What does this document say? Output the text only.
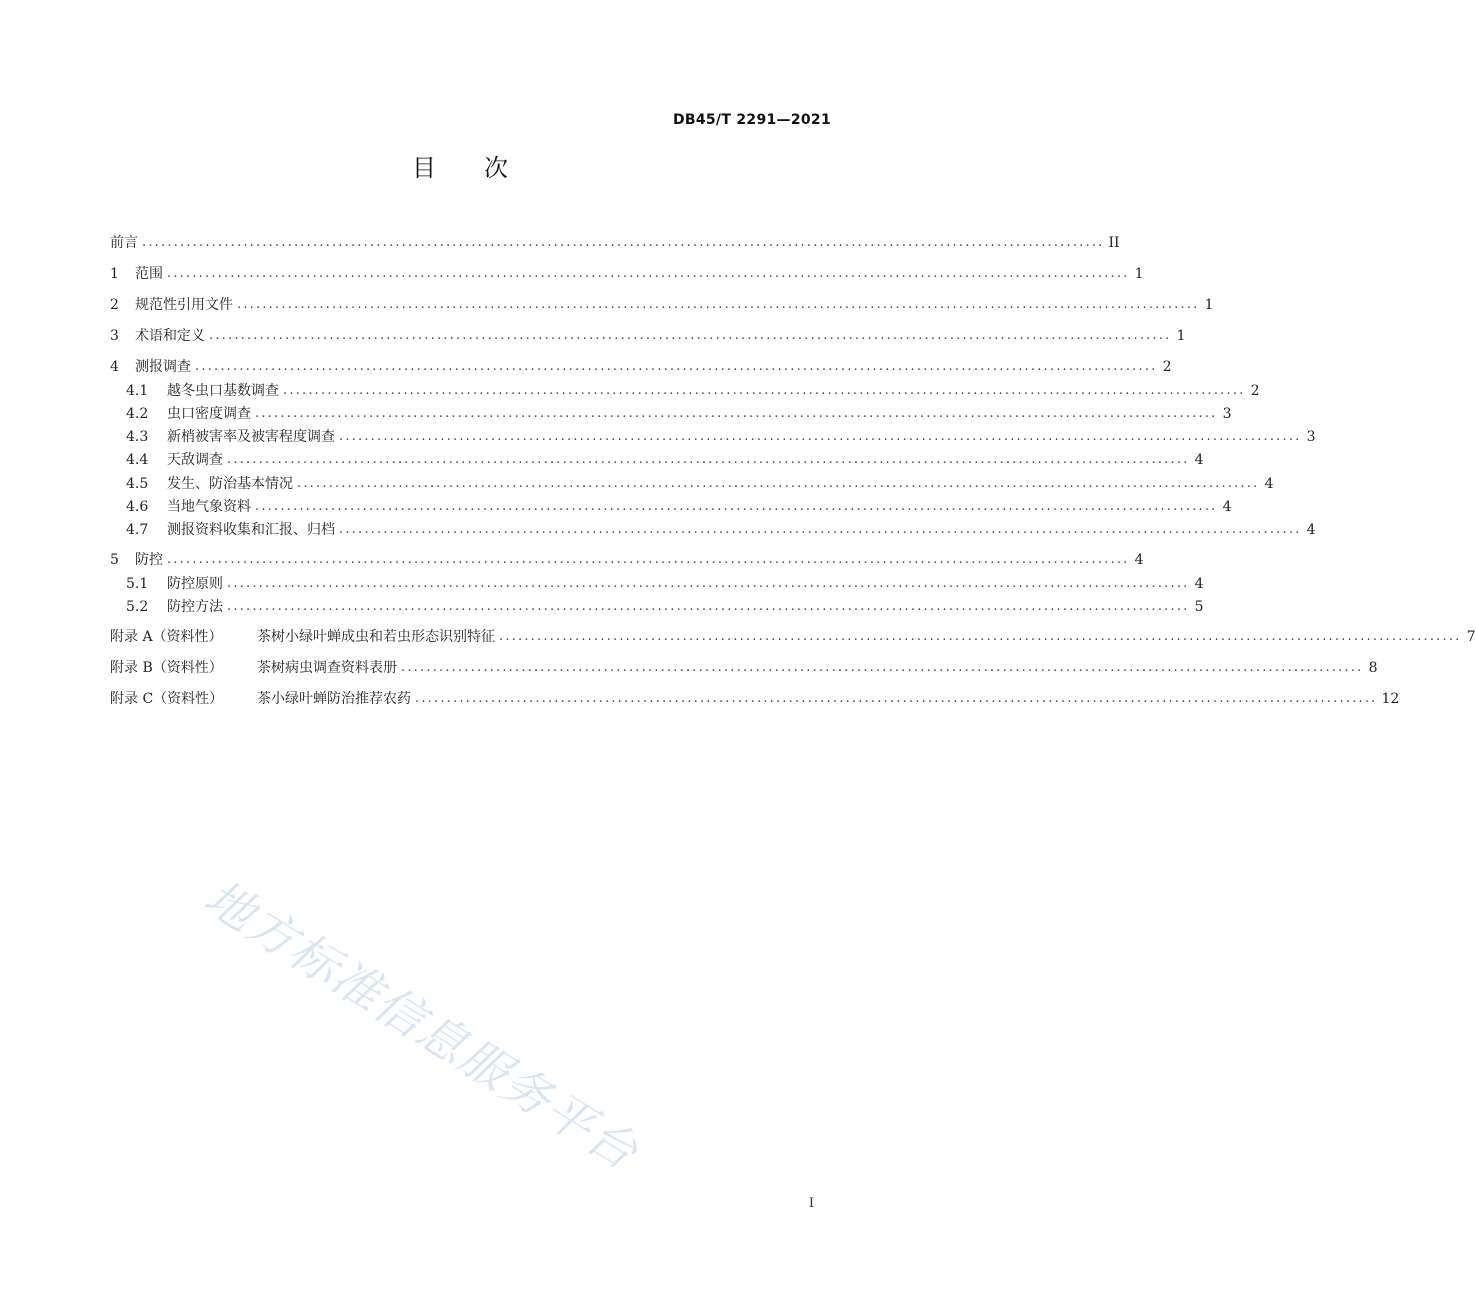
DB45/T 2291—2021
目 次
前言 ........................................................................................................................................................ II
1	范围 ........................................................................................................................................................ 1
2	规范性引用文件 ........................................................................................................................................................ 1
3	术语和定义 ........................................................................................................................................................ 1
4	测报调查 ........................................................................................................................................................ 2
4.1	越冬虫口基数调查 ........................................................................................................................................................ 2
4.2	虫口密度调查 ........................................................................................................................................................ 3
4.3	新梢被害率及被害程度调查 ........................................................................................................................................................ 3
4.4	天敌调查 ........................................................................................................................................................ 4
4.5	发生、防治基本情况 ........................................................................................................................................................ 4
4.6	当地气象资料 ........................................................................................................................................................ 4
4.7	测报资料收集和汇报、归档 ........................................................................................................................................................ 4
5	防控 ........................................................................................................................................................ 4
5.1	防控原则 ........................................................................................................................................................ 4
5.2	防控方法 ........................................................................................................................................................ 5
附录 A（资料性）	茶树小绿叶蝉成虫和若虫形态识别特征 ........................................................................................................................................................ 7
附录 B（资料性）	茶树病虫调查资料表册 ........................................................................................................................................................ 8
附录 C（资料性）	茶小绿叶蝉防治推荐农药 ........................................................................................................................................................ 12
地方标准信息服务平台
I
